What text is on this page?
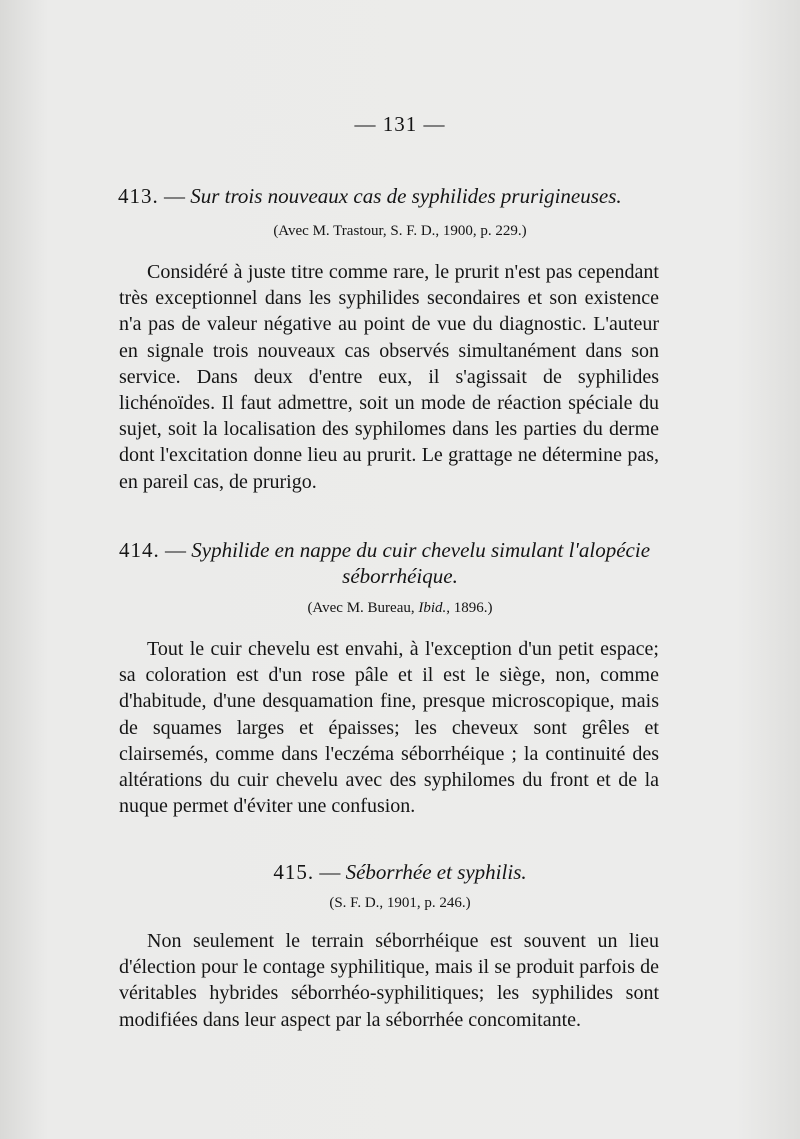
— 131 —
413. — Sur trois nouveaux cas de syphilides prurigineuses.
(Avec M. Trastour, S. F. D., 1900, p. 229.)

Considéré à juste titre comme rare, le prurit n'est pas cependant très exceptionnel dans les syphilides secondaires et son existence n'a pas de valeur négative au point de vue du diagnostic. L'auteur en signale trois nouveaux cas observés simultanément dans son service. Dans deux d'entre eux, il s'agissait de syphilides lichénoïdes. Il faut admettre, soit un mode de réaction spéciale du sujet, soit la localisation des syphilomes dans les parties du derme dont l'excitation donne lieu au prurit. Le grattage ne détermine pas, en pareil cas, de prurigo.

414. — Syphilide en nappe du cuir chevelu simulant l'alopécie
séborrhéique.
(Avec M. Bureau, Ibid., 1896.)

Tout le cuir chevelu est envahi, à l'exception d'un petit espace; sa coloration est d'un rose pâle et il est le siège, non, comme d'habitude, d'une desquamation fine, presque microscopique, mais de squames larges et épaisses; les cheveux sont grêles et clairsemés, comme dans l'eczéma séborrhéique ; la continuité des altérations du cuir chevelu avec des syphilomes du front et de la nuque permet d'éviter une confusion.

415. — Séborrhée et syphilis.
(S. F. D., 1901, p. 246.)

Non seulement le terrain séborrhéique est souvent un lieu d'élection pour le contage syphilitique, mais il se produit parfois de véritables hybrides séborrhéo-syphilitiques; les syphilides sont modifiées dans leur aspect par la séborrhée concomitante.
